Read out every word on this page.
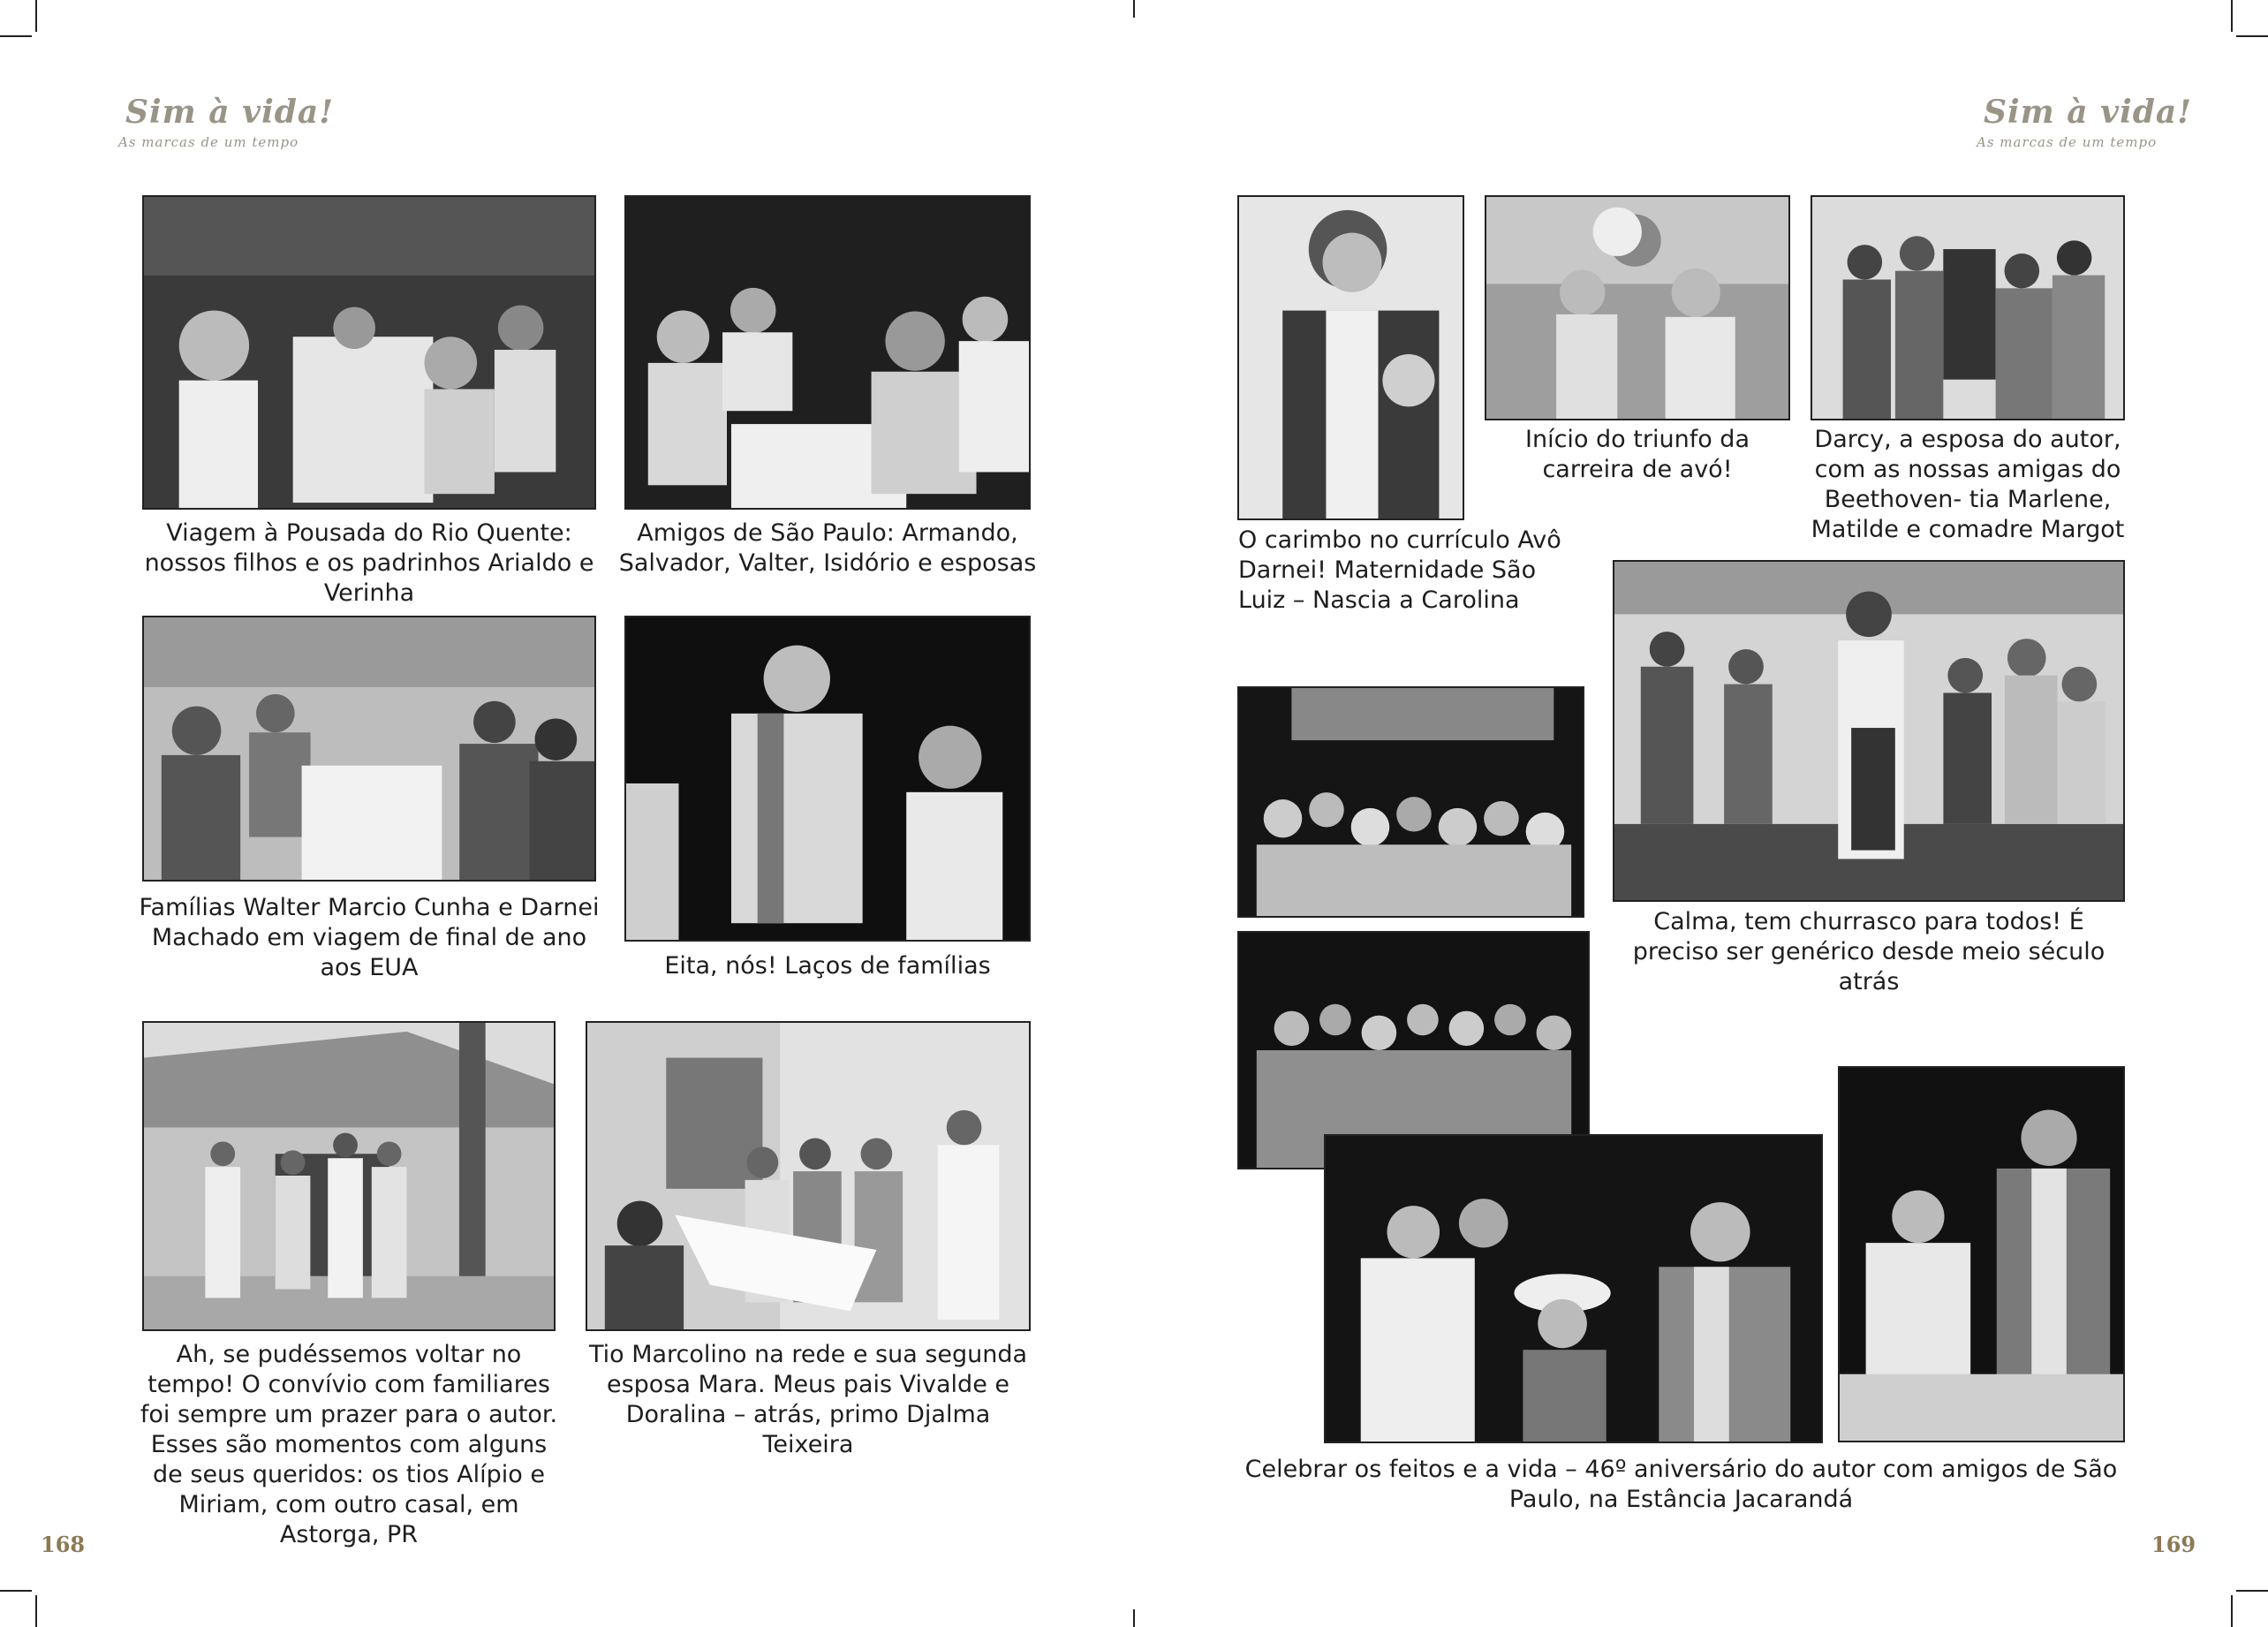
Sim à vida!
As marcas de um tempo
Sim à vida!
As marcas de um tempo
Viagem à Pousada do Rio Quente: nossos filhos e os padrinhos Arialdo e Verinha
Amigos de São Paulo: Armando, Salvador, Valter, Isidório e esposas
Famílias Walter Marcio Cunha e Darnei Machado em viagem de final de ano aos EUA	Eita, nós! Laços de famílias
Ah, se pudéssemos voltar no tempo! O convívio com familiares foi sempre um prazer para o autor. Esses são momentos com alguns de seus queridos: os tios Alípio e Miriam, com outro casal, em Astorga, PR
Tio Marcolino na rede e sua segunda esposa Mara. Meus pais Vivalde e Doralina – atrás, primo Djalma Teixeira
168
O carimbo no currículo Avô Darnei! Maternidade São Luiz – Nascia a Carolina
Início do triunfo da carreira de avó!
Darcy, a esposa do autor, com as nossas amigas do Beethoven- tia Marlene, Matilde e comadre Margot
Calma, tem churrasco para todos! É preciso ser genérico desde meio século atrás
Celebrar os feitos e a vida – 46º aniversário do autor com amigos de São Paulo, na Estância Jacarandá
169
